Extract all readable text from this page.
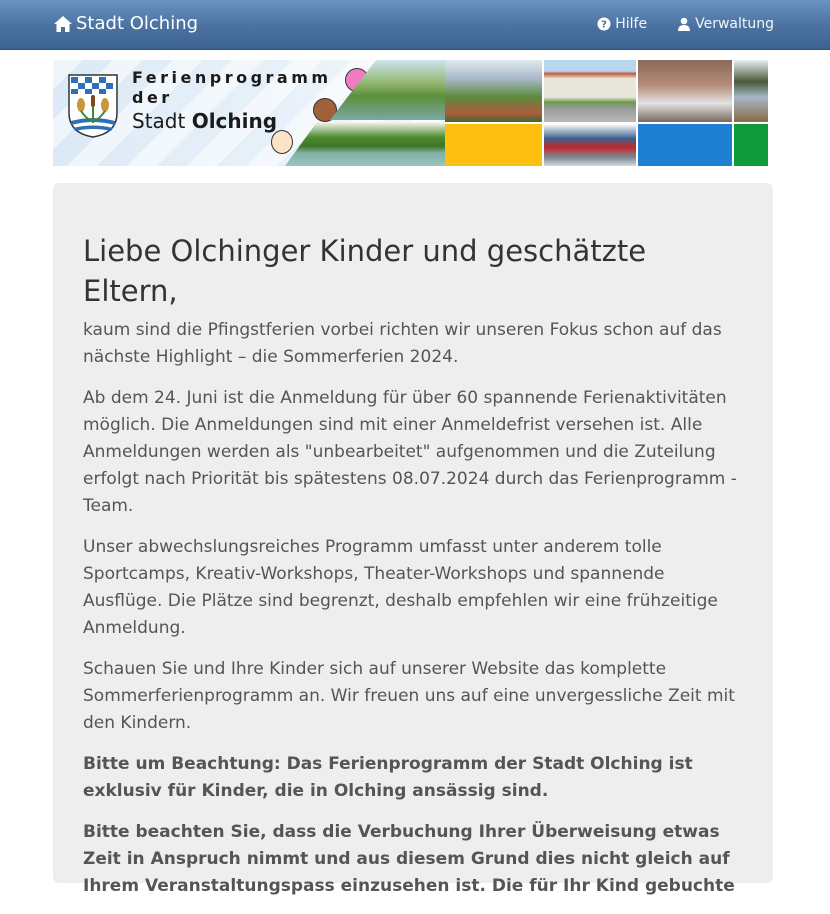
Stadt Olching	? Hilfe	Verwaltung
Ferienprogramm
der
Stadt Olching
Liebe Olchinger Kinder und geschätzte Eltern,

kaum sind die Pfingstferien vorbei richten wir unseren Fokus schon auf das nächste Highlight – die Sommerferien 2024.

Ab dem 24. Juni ist die Anmeldung für über 60 spannende Ferienaktivitäten möglich. Die Anmeldungen sind mit einer Anmeldefrist versehen ist. Alle Anmeldungen werden als "unbearbeitet" aufgenommen und die Zuteilung erfolgt nach Priorität bis spätestens 08.07.2024 durch das Ferienprogramm - Team.

Unser abwechslungsreiches Programm umfasst unter anderem tolle Sportcamps, Kreativ-Workshops, Theater-Workshops und spannende Ausflüge. Die Plätze sind begrenzt, deshalb empfehlen wir eine frühzeitige Anmeldung.

Schauen Sie und Ihre Kinder sich auf unserer Website das komplette Sommerferienprogramm an. Wir freuen uns auf eine unvergessliche Zeit mit den Kindern.

Bitte um Beachtung: Das Ferienprogramm der Stadt Olching ist exklusiv für Kinder, die in Olching ansässig sind.

Bitte beachten Sie, dass die Verbuchung Ihrer Überweisung etwas Zeit in Anspruch nimmt und aus diesem Grund dies nicht gleich auf Ihrem Veranstaltungspass einzusehen ist. Die für Ihr Kind gebuchte
